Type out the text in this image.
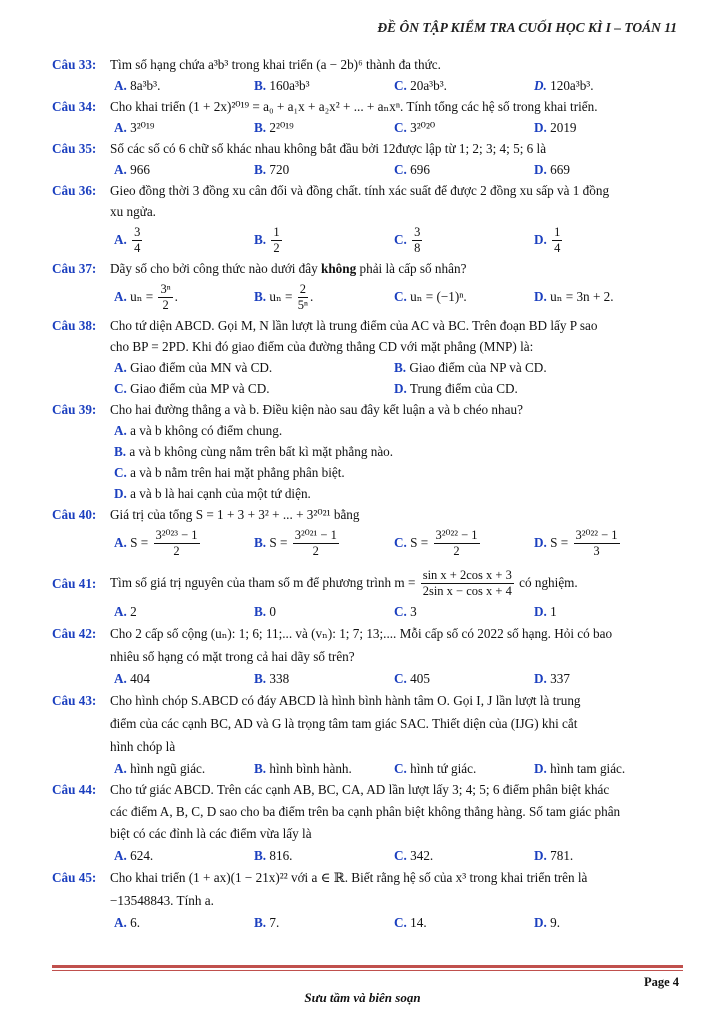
ĐỀ ÔN TẬP KIỂM TRA CUỐI HỌC KÌ I – TOÁN 11
Câu 33: Tìm số hạng chứa a³b³ trong khai triển (a − 2b)⁶ thành đa thức.
A. 8a³b³.	B. 160a³b³	C. 20a³b³.	D. 120a³b³.
Câu 34: Cho khai triển (1 + 2x)²⁰¹⁹ = a₀ + a₁x + a₂x² + ... + aₙxⁿ. Tính tổng các hệ số trong khai triển.
A. 3²⁰¹⁹	B. 2²⁰¹⁹	C. 3²⁰²⁰	D. 2019
Câu 35: Số các số có 6 chữ số khác nhau không bắt đầu bởi 12được lập từ 1; 2; 3; 4; 5; 6 là
A. 966	B. 720	C. 696	D. 669
Câu 36: Gieo đồng thời 3 đồng xu cân đối và đồng chất. tính xác suất để được 2 đồng xu sấp và 1 đồng
xu ngửa.
A. $\frac{3}{4}$	B. $\frac{1}{2}$	C. $\frac{3}{8}$	D. $\frac{1}{4}$
Câu 37: Dãy số cho bởi công thức nào dưới đây không phải là cấp số nhân?
A. $u_n = \frac{\text{3ⁿ}}{2}$ .	B. $u_n = \frac{2}{\text{5ⁿ}}$ .	C. uₙ = (−1)ⁿ.	D. uₙ = 3n + 2.
Câu 38: Cho tứ diện ABCD. Gọi M, N lần lượt là trung điểm của AC và BC. Trên đoạn BD lấy P sao
cho BP = 2PD. Khi đó giao điểm của đường thẳng CD với mặt phẳng (MNP) là:
A. Giao điểm của MN và CD.	B. Giao điểm của NP và CD.
C. Giao điểm của MP và CD.	D. Trung điểm của CD.
Câu 39: Cho hai đường thẳng a và b. Điều kiện nào sau đây kết luận a và b chéo nhau?
A. a và b không có điểm chung.
B. a và b không cùng nằm trên bất kì mặt phẳng nào.
C. a và b nằm trên hai mặt phẳng phân biệt.
D. a và b là hai cạnh của một tứ diện.
Câu 40: Giá trị của tổng S = 1 + 3 + 3² + ... + 3²⁰²¹ bằng
A. $S = \frac{\text{3²⁰²³ − 1}}{2}$	B. $S = \frac{\text{3²⁰²¹ − 1}}{2}$	C. $S = \frac{\text{3²⁰²² − 1}}{2}$	D. $S = \frac{\text{3²⁰²² − 1}}{3}$
Câu 41: Tìm số giá trị nguyên của tham số m để phương trình $m = \frac{\text{sin x + 2cos x + 3}}{\text{2sin x − cos x + 4}}$ có nghiệm.
A. 2	B. 0	C. 3	D. 1
Câu 42: Cho 2 cấp số cộng (uₙ): 1; 6; 11;... và (vₙ): 1; 7; 13;.... Mỗi cấp số có 2022 số hạng. Hỏi có bao
nhiêu số hạng có mặt trong cả hai dãy số trên?
A. 404	B. 338	C. 405	D. 337
Câu 43: Cho hình chóp S.ABCD có đáy ABCD là hình bình hành tâm O. Gọi I, J lần lượt là trung
điểm của các cạnh BC, AD và G là trọng tâm tam giác SAC. Thiết diện của (IJG) khi cắt
hình chóp là
A. hình ngũ giác.	B. hình bình hành.	C. hình tứ giác.	D. hình tam giác.
Câu 44: Cho tứ giác ABCD. Trên các cạnh AB, BC, CA, AD lần lượt lấy 3; 4; 5; 6 điểm phân biệt khác
các điểm A, B, C, D sao cho ba điểm trên ba cạnh phân biệt không thẳng hàng. Số tam giác phân
biệt có các đỉnh là các điểm vừa lấy là
A. 624.	B. 816.	C. 342.	D. 781.
Câu 45: Cho khai triển (1 + ax)(1 − 21x)²² với a ∈ ℝ. Biết rằng hệ số của x³ trong khai triển trên là
−13548843. Tính a.
A. 6.	B. 7.	C. 14.	D. 9.
Page 4
Sưu tầm và biên soạn
